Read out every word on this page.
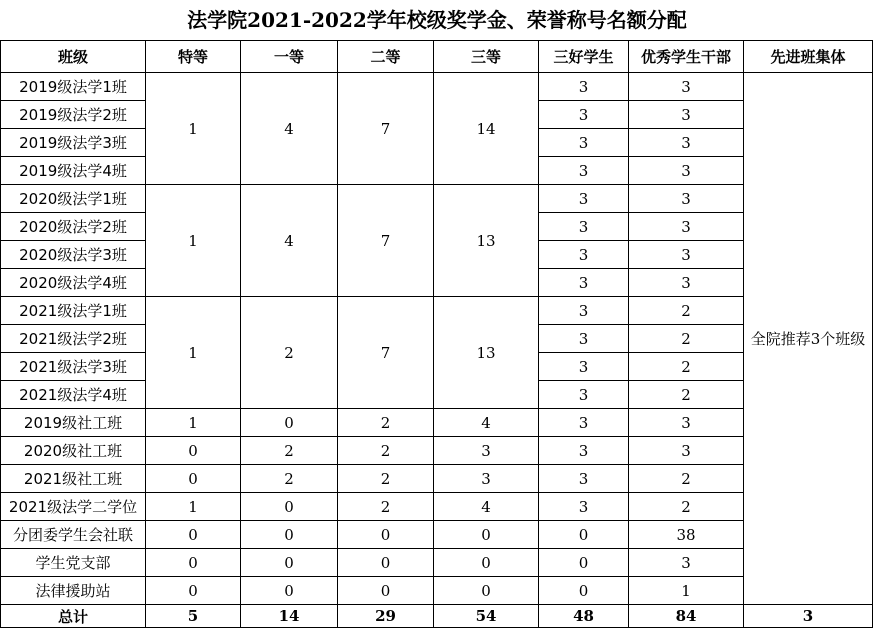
法学院2021-2022学年校级奖学金、荣誉称号名额分配
班级	特等	一等	二等	三等	三好学生	优秀学生干部	先进班集体
2019级法学1班	1	4	7	14	3	3	全院推荐3个班级
2019级法学2班					3	3	
2019级法学3班					3	3	
2019级法学4班					3	3	
2020级法学1班	1	4	7	13	3	3	
2020级法学2班					3	3	
2020级法学3班					3	3	
2020级法学4班					3	3	
2021级法学1班	1	2	7	13	3	2	
2021级法学2班					3	2	
2021级法学3班					3	2	
2021级法学4班					3	2	
2019级社工班	1	0	2	4	3	3	
2020级社工班	0	2	2	3	3	3	
2021级社工班	0	2	2	3	3	2	
2021级法学二学位	1	0	2	4	3	2	
分团委学生会社联	0	0	0	0	0	38	
学生党支部	0	0	0	0	0	3	
法律援助站	0	0	0	0	0	1	
总计	5	14	29	54	48	84	3
